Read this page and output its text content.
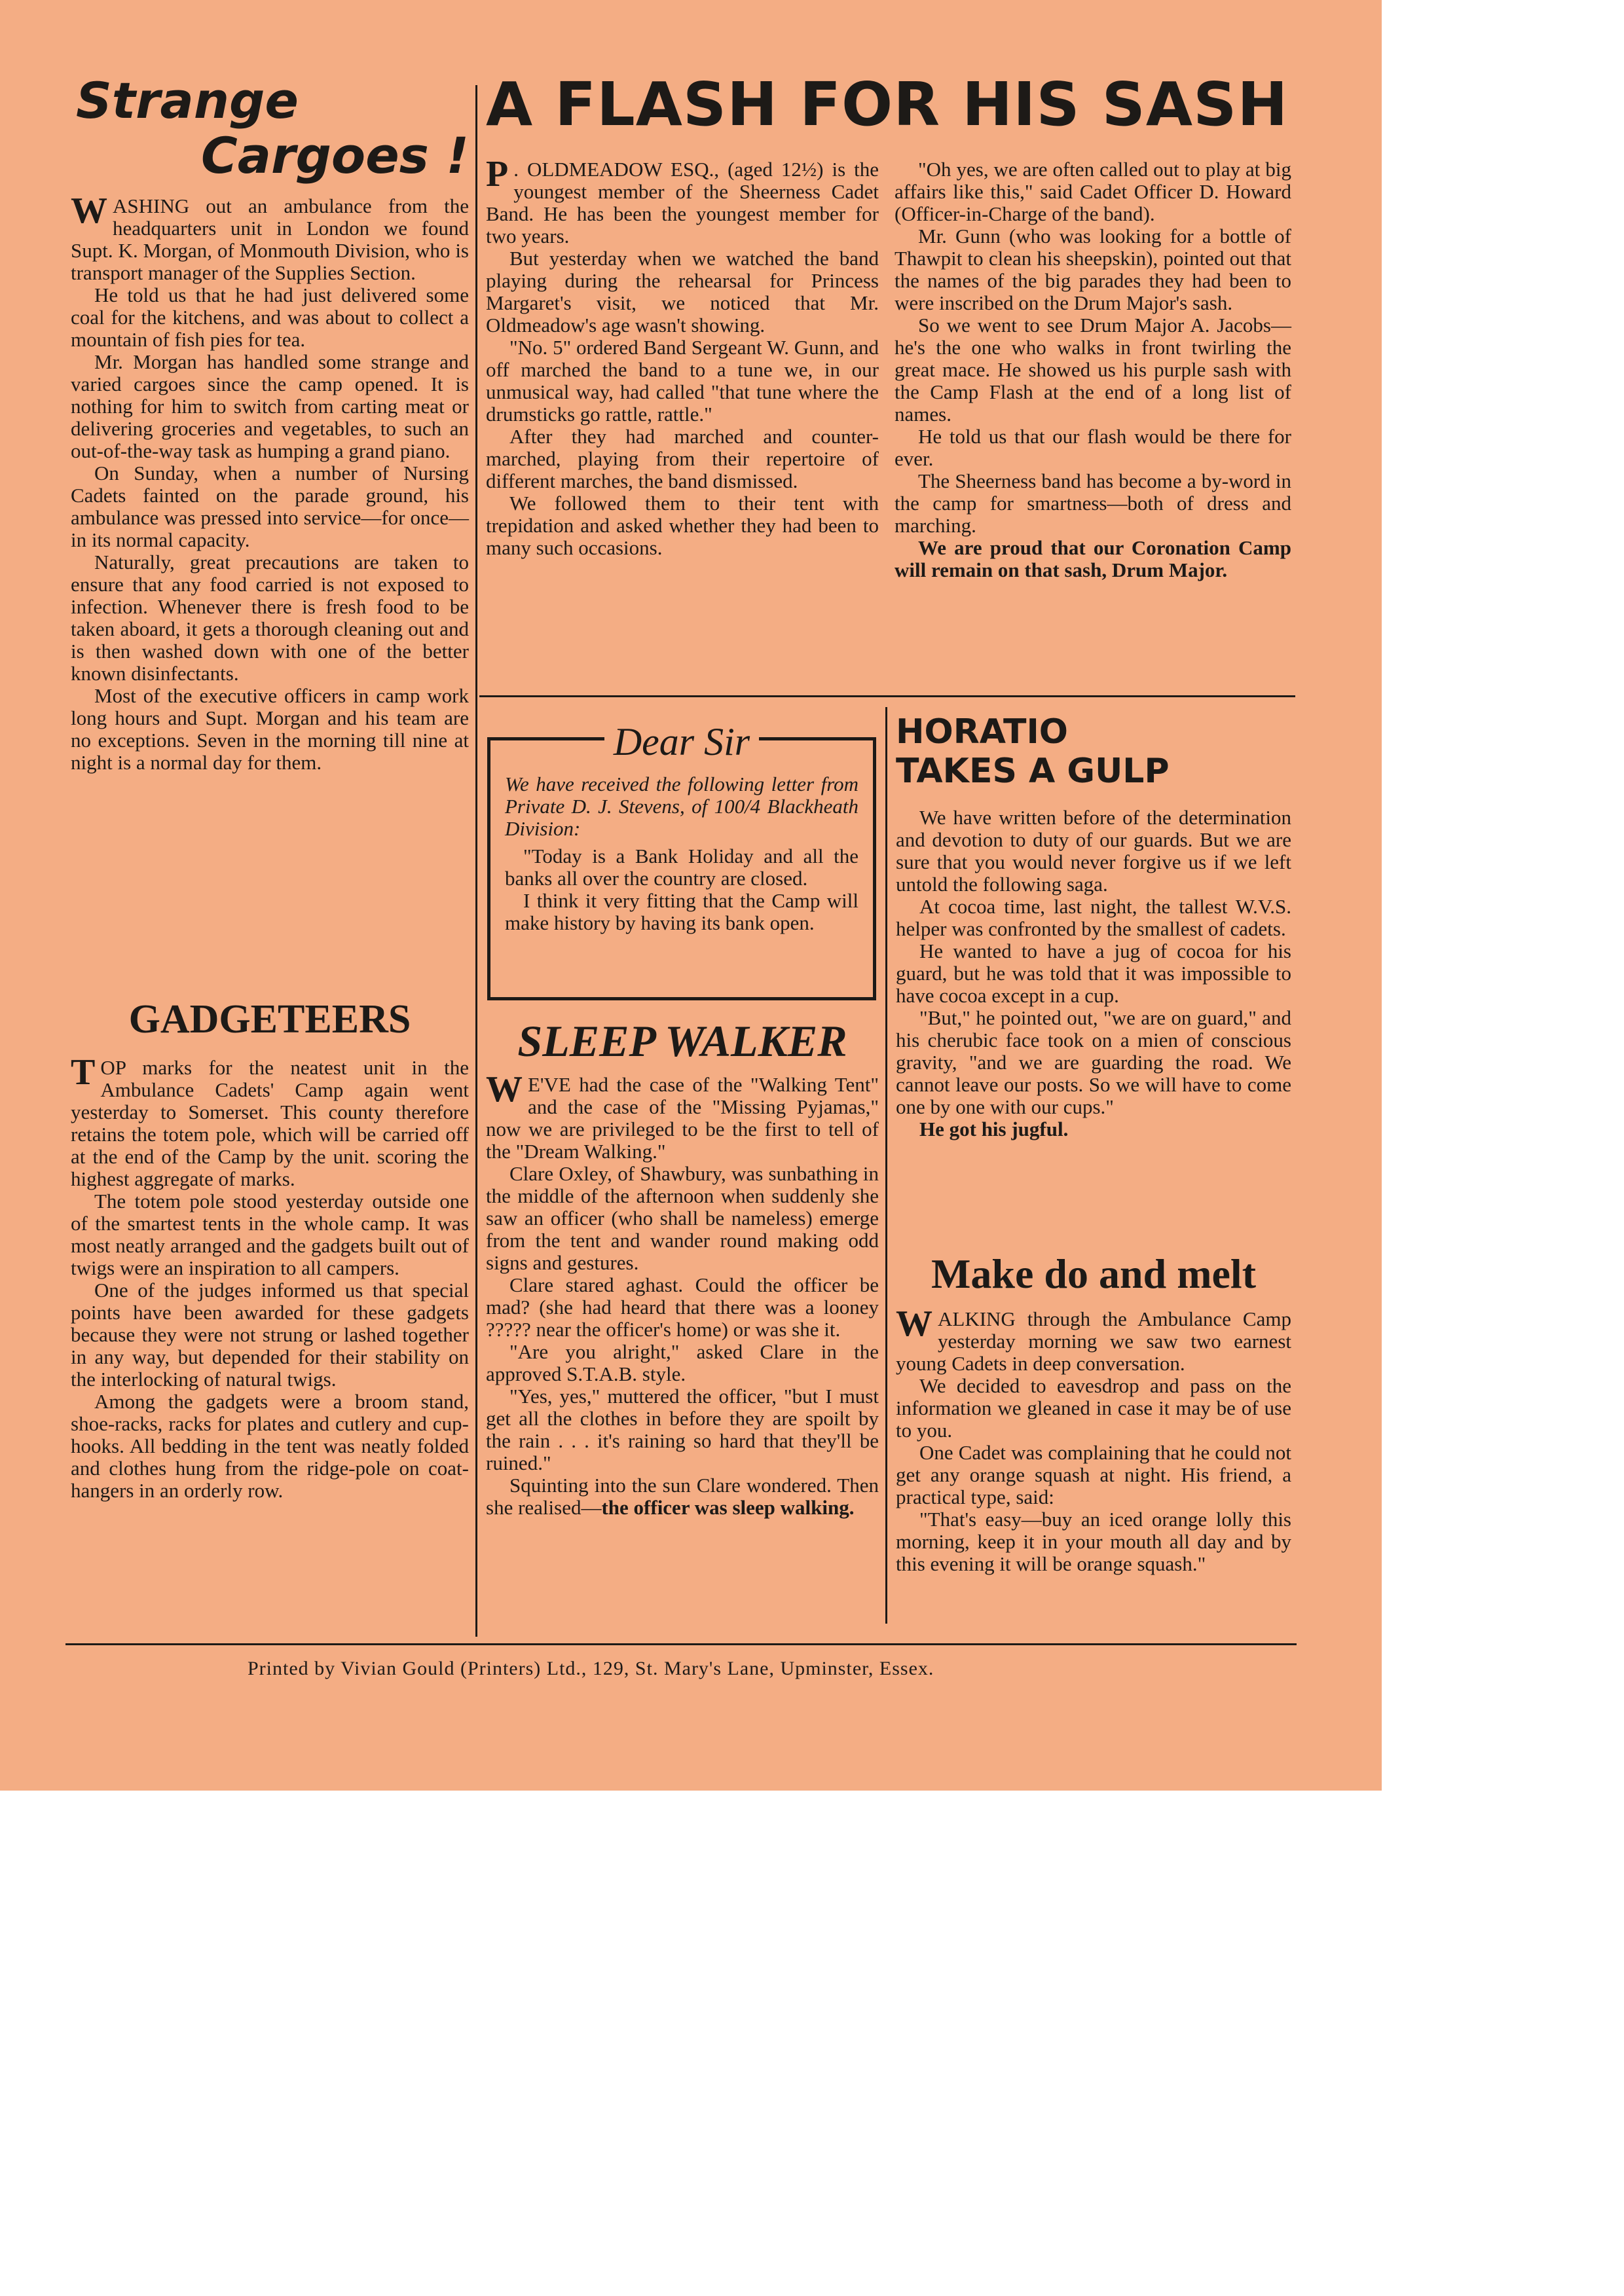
Strange
Cargoes !

WASHING out an ambulance from the headquarters unit in London we found Supt. K. Morgan, of Monmouth Division, who is transport manager of the Supplies Section.

He told us that he had just delivered some coal for the kitchens, and was about to collect a mountain of fish pies for tea.

Mr. Morgan has handled some strange and varied cargoes since the camp opened. It is nothing for him to switch from carting meat or delivering groceries and vegetables, to such an out-of-the-way task as humping a grand piano.

On Sunday, when a number of Nursing Cadets fainted on the parade ground, his ambulance was pressed into service—for once—in its normal capacity.

Naturally, great precautions are taken to ensure that any food carried is not exposed to infection. Whenever there is fresh food to be taken aboard, it gets a thorough cleaning out and is then washed down with one of the better known disinfectants.

Most of the executive officers in camp work long hours and Supt. Morgan and his team are no exceptions. Seven in the morning till nine at night is a normal day for them.

GADGETEERS

TOP marks for the neatest unit in the Ambulance Cadets' Camp again went yesterday to Somerset. This county therefore retains the totem pole, which will be carried off at the end of the Camp by the unit. scoring the highest aggregate of marks.

The totem pole stood yesterday outside one of the smartest tents in the whole camp. It was most neatly arranged and the gadgets built out of twigs were an inspiration to all campers.

One of the judges informed us that special points have been awarded for these gadgets because they were not strung or lashed together in any way, but depended for their stability on the interlocking of natural twigs.

Among the gadgets were a broom stand, shoe-racks, racks for plates and cutlery and cup-hooks. All bedding in the tent was neatly folded and clothes hung from the ridge-pole on coat-hangers in an orderly row.

A FLASH FOR HIS SASH

P . OLDMEADOW ESQ., (aged 12½) is the youngest member of the Sheerness Cadet Band. He has been the youngest member for two years.

But yesterday when we watched the band playing during the rehearsal for Princess Margaret's visit, we noticed that Mr. Oldmeadow's age wasn't showing.

"No. 5" ordered Band Sergeant W. Gunn, and off marched the band to a tune we, in our unmusical way, had called "that tune where the drumsticks go rattle, rattle."

After they had marched and counter-marched, playing from their repertoire of different marches, the band dismissed.

We followed them to their tent with trepidation and asked whether they had been to many such occasions.

"Oh yes, we are often called out to play at big affairs like this," said Cadet Officer D. Howard (Officer-in-Charge of the band).

Mr. Gunn (who was looking for a bottle of Thawpit to clean his sheepskin), pointed out that the names of the big parades they had been to were inscribed on the Drum Major's sash.

So we went to see Drum Major A. Jacobs—he's the one who walks in front twirling the great mace. He showed us his purple sash with the Camp Flash at the end of a long list of names.

He told us that our flash would be there for ever.

The Sheerness band has become a by-word in the camp for smartness—both of dress and marching.

We are proud that our Coronation Camp will remain on that sash, Drum Major.

Dear Sir

We have received the following letter from Private D. J. Stevens, of 100/4 Blackheath Division:

"Today is a Bank Holiday and all the banks all over the country are closed.

I think it very fitting that the Camp will make history by having its bank open.

SLEEP WALKER

W E'VE had the case of the "Walking Tent" and the case of the "Missing Pyjamas," now we are privileged to be the first to tell of the "Dream Walking."

Clare Oxley, of Shawbury, was sunbathing in the middle of the afternoon when suddenly she saw an officer (who shall be nameless) emerge from the tent and wander round making odd signs and gestures.

Clare stared aghast. Could the officer be mad? (she had heard that there was a looney ????? near the officer's home) or was she it.

"Are you alright," asked Clare in the approved S.T.A.B. style.

"Yes, yes," muttered the officer, "but I must get all the clothes in before they are spoilt by the rain . . . it's raining so hard that they'll be ruined."

Squinting into the sun Clare wondered. Then she realised—the officer was sleep walking.

HORATIO
TAKES A GULP

We have written before of the determination and devotion to duty of our guards. But we are sure that you would never forgive us if we left untold the following saga.

At cocoa time, last night, the tallest W.V.S. helper was confronted by the smallest of cadets.

He wanted to have a jug of cocoa for his guard, but he was told that it was impossible to have cocoa except in a cup.

"But," he pointed out, "we are on guard," and his cherubic face took on a mien of conscious gravity, "and we are guarding the road. We cannot leave our posts. So we will have to come one by one with our cups."

He got his jugful.

Make do and melt

WALKING through the Ambulance Camp yesterday morning we saw two earnest young Cadets in deep conversation.

We decided to eavesdrop and pass on the information we gleaned in case it may be of use to you.

One Cadet was complaining that he could not get any orange squash at night. His friend, a practical type, said:

"That's easy—buy an iced orange lolly this morning, keep it in your mouth all day and by this evening it will be orange squash."

Printed by Vivian Gould (Printers) Ltd., 129, St. Mary's Lane, Upminster, Essex.
